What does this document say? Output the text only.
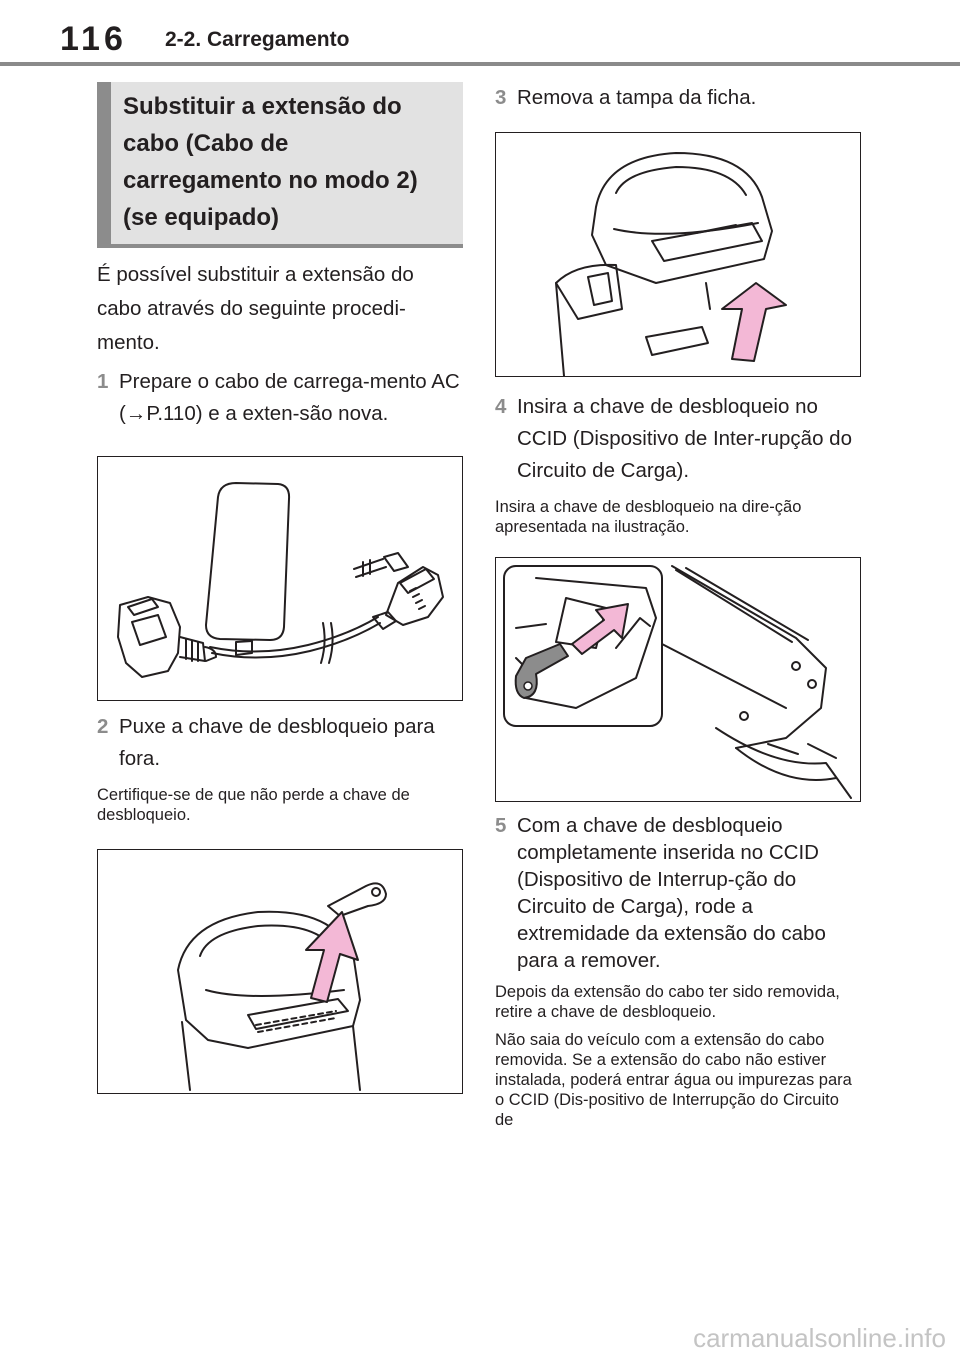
116 2-2. Carregamento
Substituir a extensão do cabo (Cabo de carregamento no modo 2) (se equipado)

É possível substituir a extensão do cabo através do seguinte procedi-mento.

1 Prepare o cabo de carrega-mento AC (→P.110) e a exten-são nova.
2 Puxe a chave de desbloqueio para fora.

Certifique-se de que não perde a chave de desbloqueio.

3 Remova a tampa da ficha.
4 Insira a chave de desbloqueio no CCID (Dispositivo de Inter-rupção do Circuito de Carga).

Insira a chave de desbloqueio na dire-ção apresentada na ilustração.

5 Com a chave de desbloqueio completamente inserida no CCID (Dispositivo de Interrup-ção do Circuito de Carga), rode a extremidade da extensão do cabo para a remover.

Depois da extensão do cabo ter sido removida, retire a chave de desbloqueio.

Não saia do veículo com a extensão do cabo removida. Se a extensão do cabo não estiver instalada, poderá entrar água ou impurezas para o CCID (Dis-positivo de Interrupção do Circuito de

carmanualsonline.info
